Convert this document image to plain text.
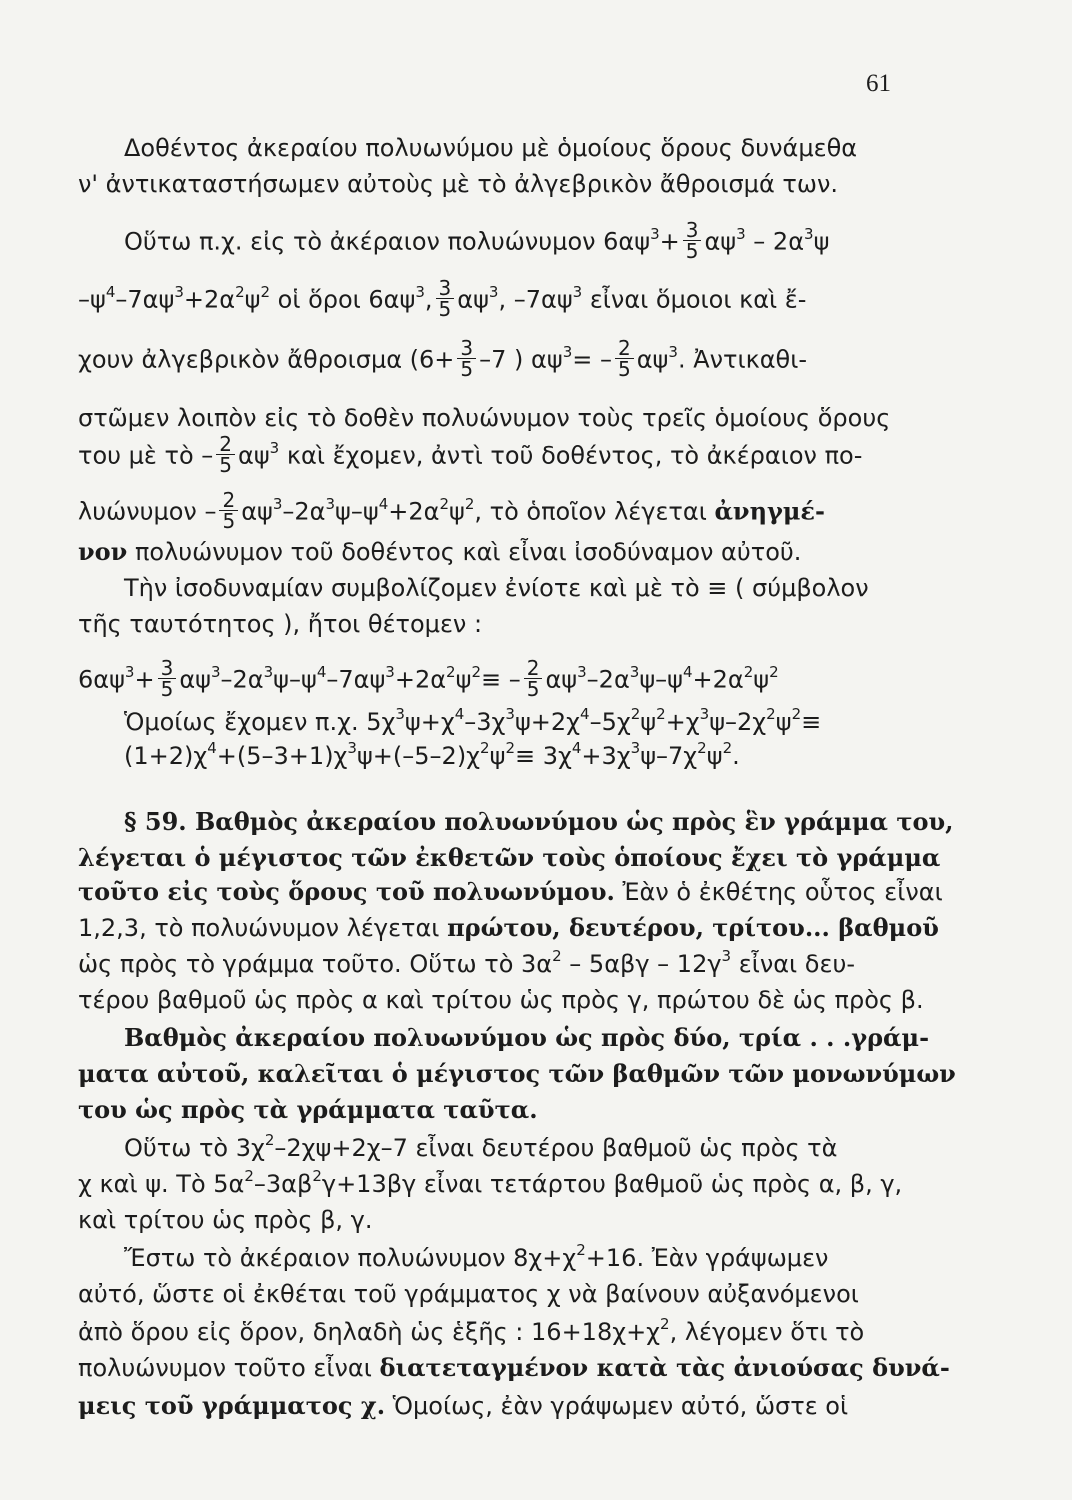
61
Δοθέντος ἀκεραίου πολυωνύμου μὲ ὁμοίους ὅρους δυνάμεθα
ν' ἀντικαταστήσωμεν αὐτοὺς μὲ τὸ ἀλγεβρικὸν ἄθροισμά των.
Οὕτω π.χ. εἰς τὸ ἀκέραιον πολυώνυμον $6\alpha\psi^3+ \frac{3}{5} \alpha\psi^3 - 2\alpha^3\psi$
$-\psi^4-7\alpha\psi^3+2\alpha^2\psi^2$ οἱ ὅροι $6\alpha\psi^3$, $\frac{3}{5} \alpha\psi^3$, $-7\alpha\psi^3$ εἶναι ὅμοιοι καὶ ἔ-
χουν ἀλγεβρικὸν ἄθροισμα ($6+ \frac{3}{5} -7$ ) $\alpha\psi^3= - \frac{2}{5} \alpha\psi^3$. Ἀντικαθι-
στῶμεν λοιπὸν εἰς τὸ δοθὲν πολυώνυμον τοὺς τρεῖς ὁμοίους ὅρους
του μὲ τὸ – $\frac{2}{5} \alpha\psi^3$ καὶ ἔχομεν, ἀντὶ τοῦ δοθέντος, τὸ ἀκέραιον πο-
$\lambda\upsilon ώ\nu\upsilon\mu o\nu - \frac{2}{5} \alpha\psi^3-2\alpha^3\psi-\psi^4+2\alpha^2\psi^2$, τὸ ὁποῖον λέγεται ἀνηγμέ-
νον πολυώνυμον τοῦ δοθέντος καὶ εἶναι ἰσοδύναμον αὐτοῦ.
Τὴν ἰσοδυναμίαν συμβολίζομεν ἐνίοτε καὶ μὲ τὸ ≡ ( σύμβολον
τῆς ταυτότητος ), ἤτοι θέτομεν :
$6\alpha\psi^3+ \frac{3}{5} \alpha\psi^3-2\alpha^3\psi-\psi^4-7\alpha\psi^3+2\alpha^2\psi^2\equiv - \frac{2}{5} \alpha\psi^3-2\alpha^3\psi-\psi^4+2\alpha^2\psi^2$
Ὁμοίως ἔχομεν π.χ. $5\chi^3\psi+\chi^4-3\chi^3\psi+2\chi^4-5\chi^2\psi^2+\chi^3\psi-2\chi^2\psi^2\equiv$
$(1+2)\chi^4+(5-3+1)\chi^3\psi+(-5-2)\chi^2\psi^2\equiv 3\chi^4+3\chi^3\psi-7\chi^2\psi^2$.
§ 59. Βαθμὸς ἀκεραίου πολυωνύμου ὡς πρὸς ἓν γράμμα του,
λέγεται ὁ μέγιστος τῶν ἐκθετῶν τοὺς ὁποίους ἔχει τὸ γράμμα
τοῦτο εἰς τοὺς ὅρους τοῦ πολυωνύμου. Ἐὰν ὁ ἐκθέτης οὗτος εἶναι
1,2,3, τὸ πολυώνυμον λέγεται πρώτου, δευτέρου, τρίτου... βαθμοῦ
ὡς πρὸς τὸ γράμμα τοῦτο. Οὕτω τὸ $3\alpha^2 - 5\alpha\beta\gamma - 12\gamma^3$ εἶναι δευ-
τέρου βαθμοῦ ὡς πρὸς α καὶ τρίτου ὡς πρὸς γ, πρώτου δὲ ὡς πρὸς β.
Βαθμὸς ἀκεραίου πολυωνύμου ὡς πρὸς δύο, τρία . . .γράμ-
ματα αὐτοῦ, καλεῖται ὁ μέγιστος τῶν βαθμῶν τῶν μονωνύμων
του ὡς πρὸς τὰ γράμματα ταῦτα.
Οὕτω τὸ $3\chi^2-2\chi\psi+2\chi-7$ εἶναι δευτέρου βαθμοῦ ὡς πρὸς τὰ
χ καὶ ψ. Τὸ $5\alpha^2-3\alpha\beta^2\gamma+13\beta\gamma$ εἶναι τετάρτου βαθμοῦ ὡς πρὸς α, β, γ,
καὶ τρίτου ὡς πρὸς β, γ.
Ἔστω τὸ ἀκέραιον πολυώνυμον $8\chi+\chi^2+16$. Ἐὰν γράψωμεν
αὐτό, ὥστε οἱ ἐκθέται τοῦ γράμματος χ νὰ βαίνουν αὐξανόμενοι
ἀπὸ ὅρου εἰς ὅρον, δηλαδὴ ὡς ἑξῆς : $16+18\chi+\chi^2$, λέγομεν ὅτι τὸ
πολυώνυμον τοῦτο εἶναι διατεταγμένον κατὰ τὰς ἀνιούσας δυνά-
μεις τοῦ γράμματος χ. Ὁμοίως, ἐὰν γράψωμεν αὐτό, ὥστε οἱ
